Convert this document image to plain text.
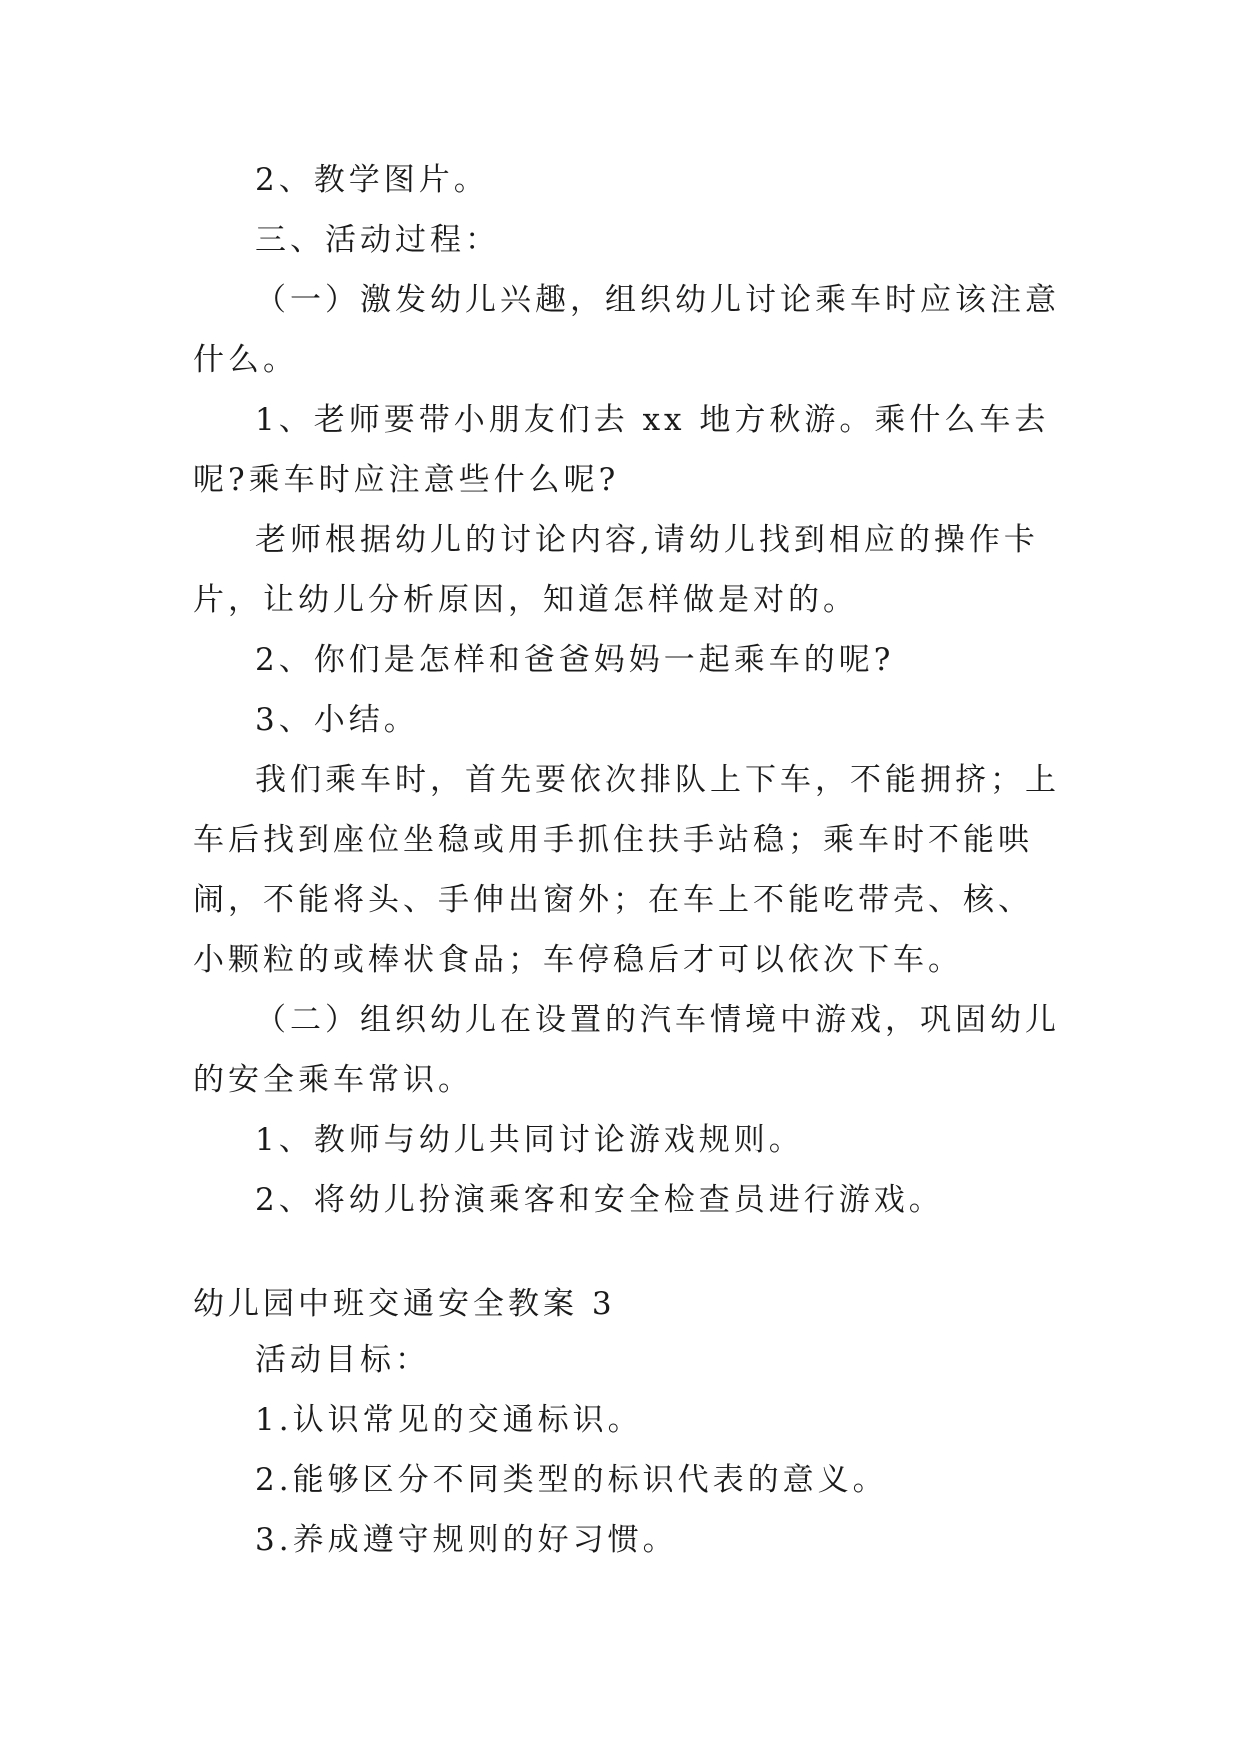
2、教学图片。

三、活动过程：

（一）激发幼儿兴趣，组织幼儿讨论乘车时应该注意什么。

1、老师要带小朋友们去 xx 地方秋游。乘什么车去呢?乘车时应注意些什么呢?

老师根据幼儿的讨论内容,请幼儿找到相应的操作卡片，让幼儿分析原因，知道怎样做是对的。

2、你们是怎样和爸爸妈妈一起乘车的呢?

3、小结。

我们乘车时，首先要依次排队上下车，不能拥挤；上车后找到座位坐稳或用手抓住扶手站稳；乘车时不能哄闹，不能将头、手伸出窗外；在车上不能吃带壳、核、小颗粒的或棒状食品；车停稳后才可以依次下车。

（二）组织幼儿在设置的汽车情境中游戏，巩固幼儿的安全乘车常识。

1、教师与幼儿共同讨论游戏规则。

2、将幼儿扮演乘客和安全检查员进行游戏。

幼儿园中班交通安全教案 3

活动目标：

1.认识常见的交通标识。

2.能够区分不同类型的标识代表的意义。

3.养成遵守规则的好习惯。
